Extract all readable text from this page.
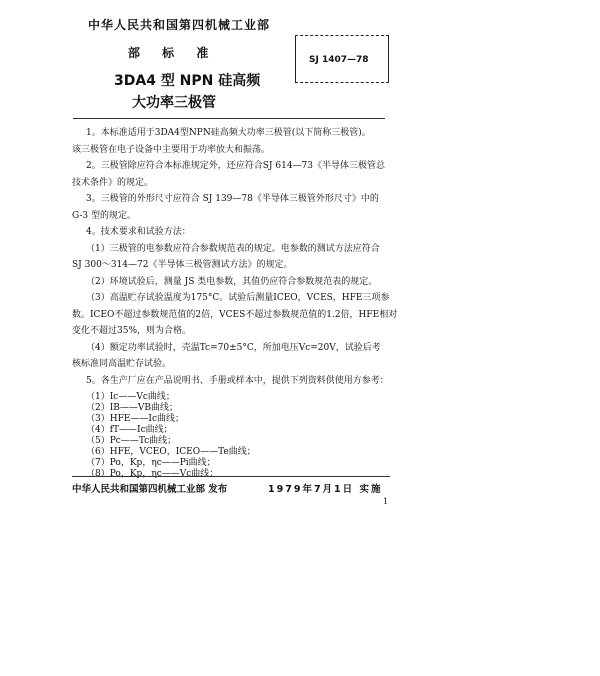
中华人民共和国第四机械工业部
部 标 准	SJ 1407—78
3DA4 型 NPN 硅高频
大功率三极管
1。本标准适用于3DA4型NPN硅高频大功率三极管(以下简称三极管)。
该三极管在电子设备中主要用于功率放大和振荡。
2。三极管除应符合本标准规定外，还应符合SJ 614—73《半导体三极管总
技术条件》的规定。
3。三极管的外形尺寸应符合 SJ 139—78《半导体三极管外形尺寸》中的
G-3 型的规定。
4。技术要求和试验方法：
（1）三极管的电参数应符合参数规范表的规定。电参数的测试方法应符合
SJ 300～314—72《半导体三极管测试方法》的规定。
（2）环境试验后，测量 JS 类电参数，其值仍应符合参数规范表的规定。
（3）高温贮存试验温度为175°C。试验后测量ICEO，VCES，HFE三项参
数。ICEO不超过参数规范值的2倍，VCES不超过参数规范值的1.2倍，HFE相对
变化不超过35%，则为合格。
（4）额定功率试验时，壳温Tc=70±5°C，所加电压Vc=20V，试验后考
核标准同高温贮存试验。
5。各生产厂应在产品说明书、手册或样本中，提供下列资料供使用方参考：
（1）Ic——Vc曲线；
（2）IB——VB曲线；
（3）HFE——Ic曲线；
（4）fT——Ic曲线；
（5）Pc——Tc曲线；
（6）HFE，VCEO，ICEO——Te曲线；
（7）Po，Kp，ηc——Pi曲线；
（8）Po，Kp，ηc——Vc曲线；
中华人民共和国第四机械工业部 发布	1979年7月1日 实施
1
